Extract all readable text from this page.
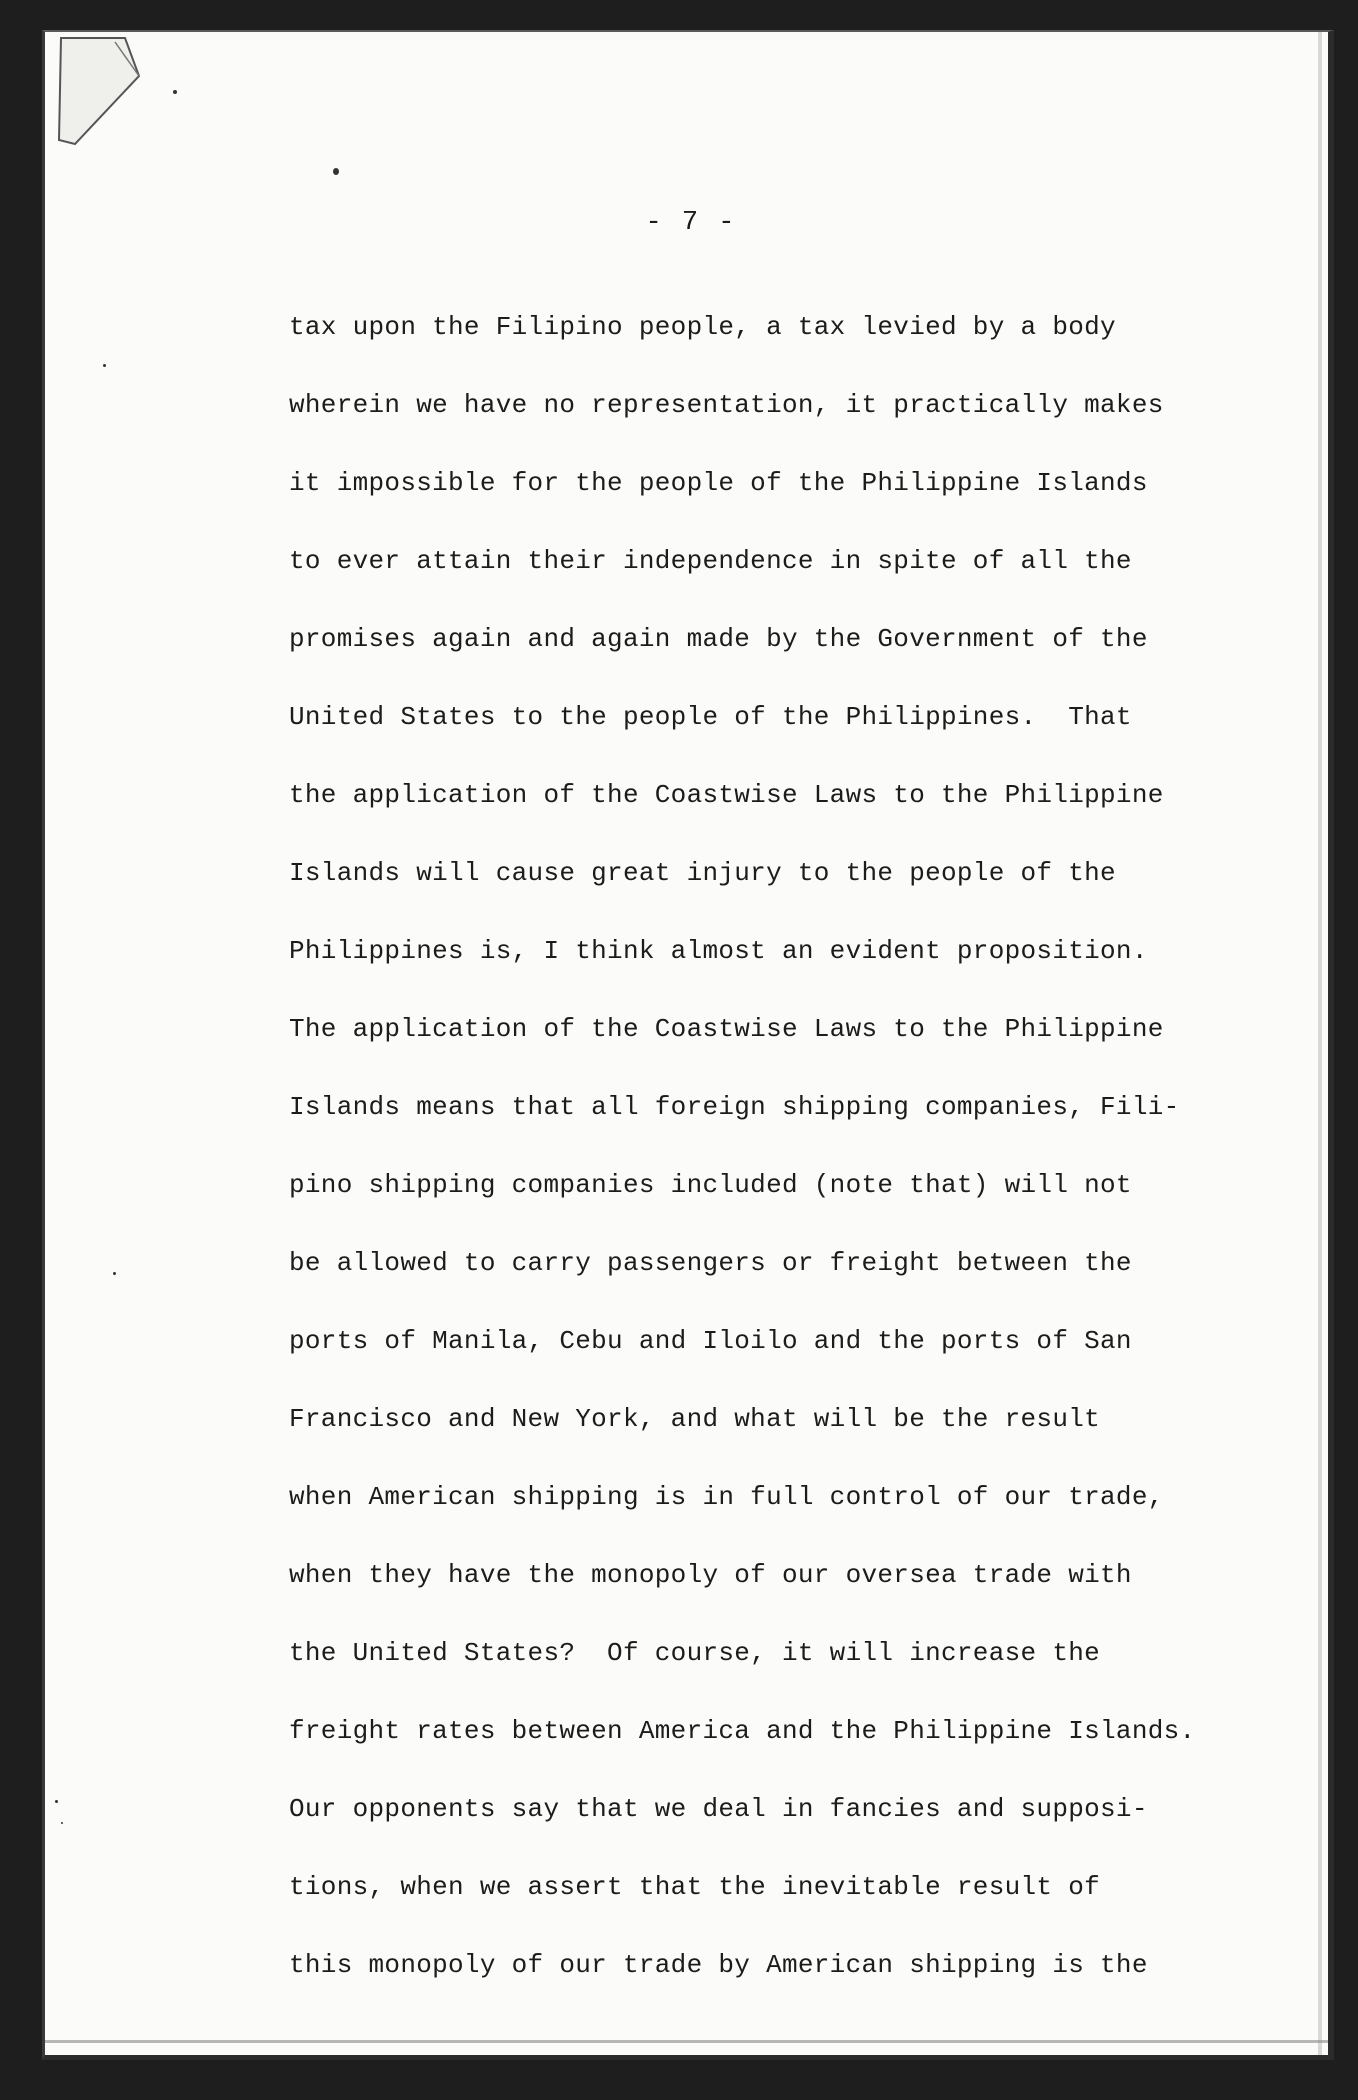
- 7 -
tax upon the Filipino people, a tax levied by a body
wherein we have no representation, it practically makes
it impossible for the people of the Philippine Islands
to ever attain their independence in spite of all the
promises again and again made by the Government of the
United States to the people of the Philippines.  That
the application of the Coastwise Laws to the Philippine
Islands will cause great injury to the people of the
Philippines is, I think almost an evident proposition.
The application of the Coastwise Laws to the Philippine
Islands means that all foreign shipping companies, Fili-
pino shipping companies included (note that) will not
be allowed to carry passengers or freight between the
ports of Manila, Cebu and Iloilo and the ports of San
Francisco and New York, and what will be the result
when American shipping is in full control of our trade,
when they have the monopoly of our oversea trade with
the United States?  Of course, it will increase the
freight rates between America and the Philippine Islands.
Our opponents say that we deal in fancies and supposi-
tions, when we assert that the inevitable result of
this monopoly of our trade by American shipping is the
